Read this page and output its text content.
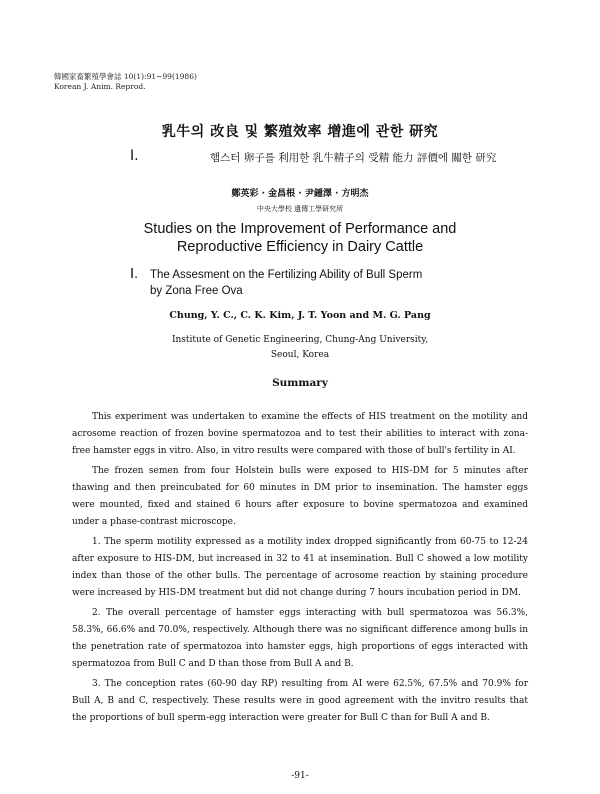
韓國家畜繁殖學會誌 10(1):91~99(1986)
Korean J. Anim. Reprod.
乳牛의 改良 및 繁殖效率 增進에 관한 研究
Ⅰ.	햄스터 卵子를 利用한 乳牛精子의 受精 能力 評價에 關한 研究
鄭英彩 · 金昌根 · 尹鍾澤 · 方明杰
中央大學校 遺傳工學研究所
Studies on the Improvement of Performance and
Reproductive Efficiency in Dairy Cattle
Ⅰ. The Assesment on the Fertilizing Ability of Bull Sperm
by Zona Free Ova
Chung, Y. C., C. K. Kim, J. T. Yoon and M. G. Pang
Institute of Genetic Engineering, Chung-Ang University,
Seoul, Korea
Summary

This experiment was undertaken to examine the effects of HIS treatment on the motility and acrosome reaction of frozen bovine spermatozoa and to test their abilities to interact with zona-free hamster eggs in vitro. Also, in vitro results were compared with those of bull's fertility in AI.

The frozen semen from four Holstein bulls were exposed to HIS-DM for 5 minutes after thawing and then preincubated for 60 minutes in DM prior to insemination. The hamster eggs were mounted, fixed and stained 6 hours after exposure to bovine spermatozoa and examined under a phase-contrast microscope.

1. The sperm motility expressed as a motility index dropped significantly from 60-75 to 12-24 after exposure to HIS-DM, but increased in 32 to 41 at insemination. Bull C showed a low motility index than those of the other bulls. The percentage of acrosome reaction by staining procedure were increased by HIS-DM treatment but did not change during 7 hours incubation period in DM.

2. The overall percentage of hamster eggs interacting with bull spermatozoa was 56.3%, 58.3%, 66.6% and 70.0%, respectively. Although there was no significant difference among bulls in the penetration rate of spermatozoa into hamster eggs, high proportions of eggs interacted with spermatozoa from Bull C and D than those from Bull A and B.

3. The conception rates (60-90 day RP) resulting from AI were 62.5%, 67.5% and 70.9% for Bull A, B and C, respectively. These results were in good agreement with the invitro results that the proportions of bull sperm-egg interaction were greater for Bull C than for Bull A and B.

-91-
